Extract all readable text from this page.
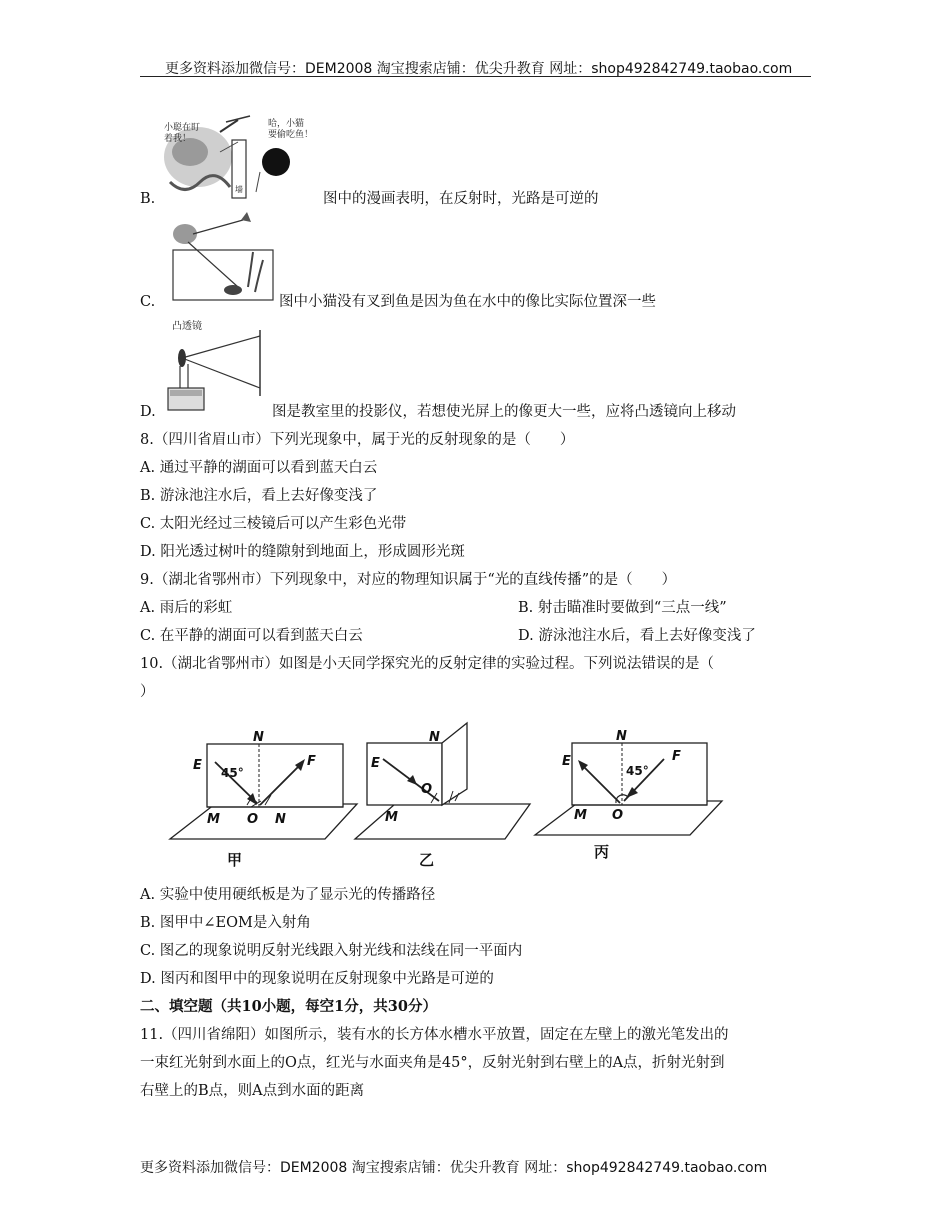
更多资料添加微信号：DEM2008 淘宝搜索店铺：优尖升教育 网址：shop492842749.taobao.com
小聪在盯
着我！
哈，小猫
要偷吃鱼！
墙
B.	图中的漫画表明，在反射时，光路是可逆的
C.	图中小猫没有叉到鱼是因为鱼在水中的像比实际位置深一些
凸透镜
D.	图是教室里的投影仪，若想使光屏上的像更大一些，应将凸透镜向上移动
8.（四川省眉山市）下列光现象中，属于光的反射现象的是（　　）
A. 通过平静的湖面可以看到蓝天白云
B. 游泳池注水后，看上去好像变浅了
C. 太阳光经过三棱镜后可以产生彩色光带
D. 阳光透过树叶的缝隙射到地面上，形成圆形光斑
9.（湖北省鄂州市）下列现象中，对应的物理知识属于“光的直线传播”的是（　　）
A. 雨后的彩虹	B. 射击瞄准时要做到“三点一线”
C. 在平静的湖面可以看到蓝天白云	D. 游泳池注水后，看上去好像变浅了
10.（湖北省鄂州市）如图是小天同学探究光的反射定律的实验过程。下列说法错误的是（
）
E
N
F
45°
M O N
甲
E
N
O
M
乙
E
N
F
45°
M O
丙
A. 实验中使用硬纸板是为了显示光的传播路径
B. 图甲中∠EOM是入射角
C. 图乙的现象说明反射光线跟入射光线和法线在同一平面内
D. 图丙和图甲中的现象说明在反射现象中光路是可逆的
二、填空题（共10小题，每空1分，共30分）
11.（四川省绵阳）如图所示，装有水的长方体水槽水平放置，固定在左壁上的激光笔发出的
一束红光射到水面上的O点，红光与水面夹角是45°，反射光射到右壁上的A点，折射光射到
右壁上的B点，则A点到水面的距离
更多资料添加微信号：DEM2008 淘宝搜索店铺：优尖升教育 网址：shop492842749.taobao.com
